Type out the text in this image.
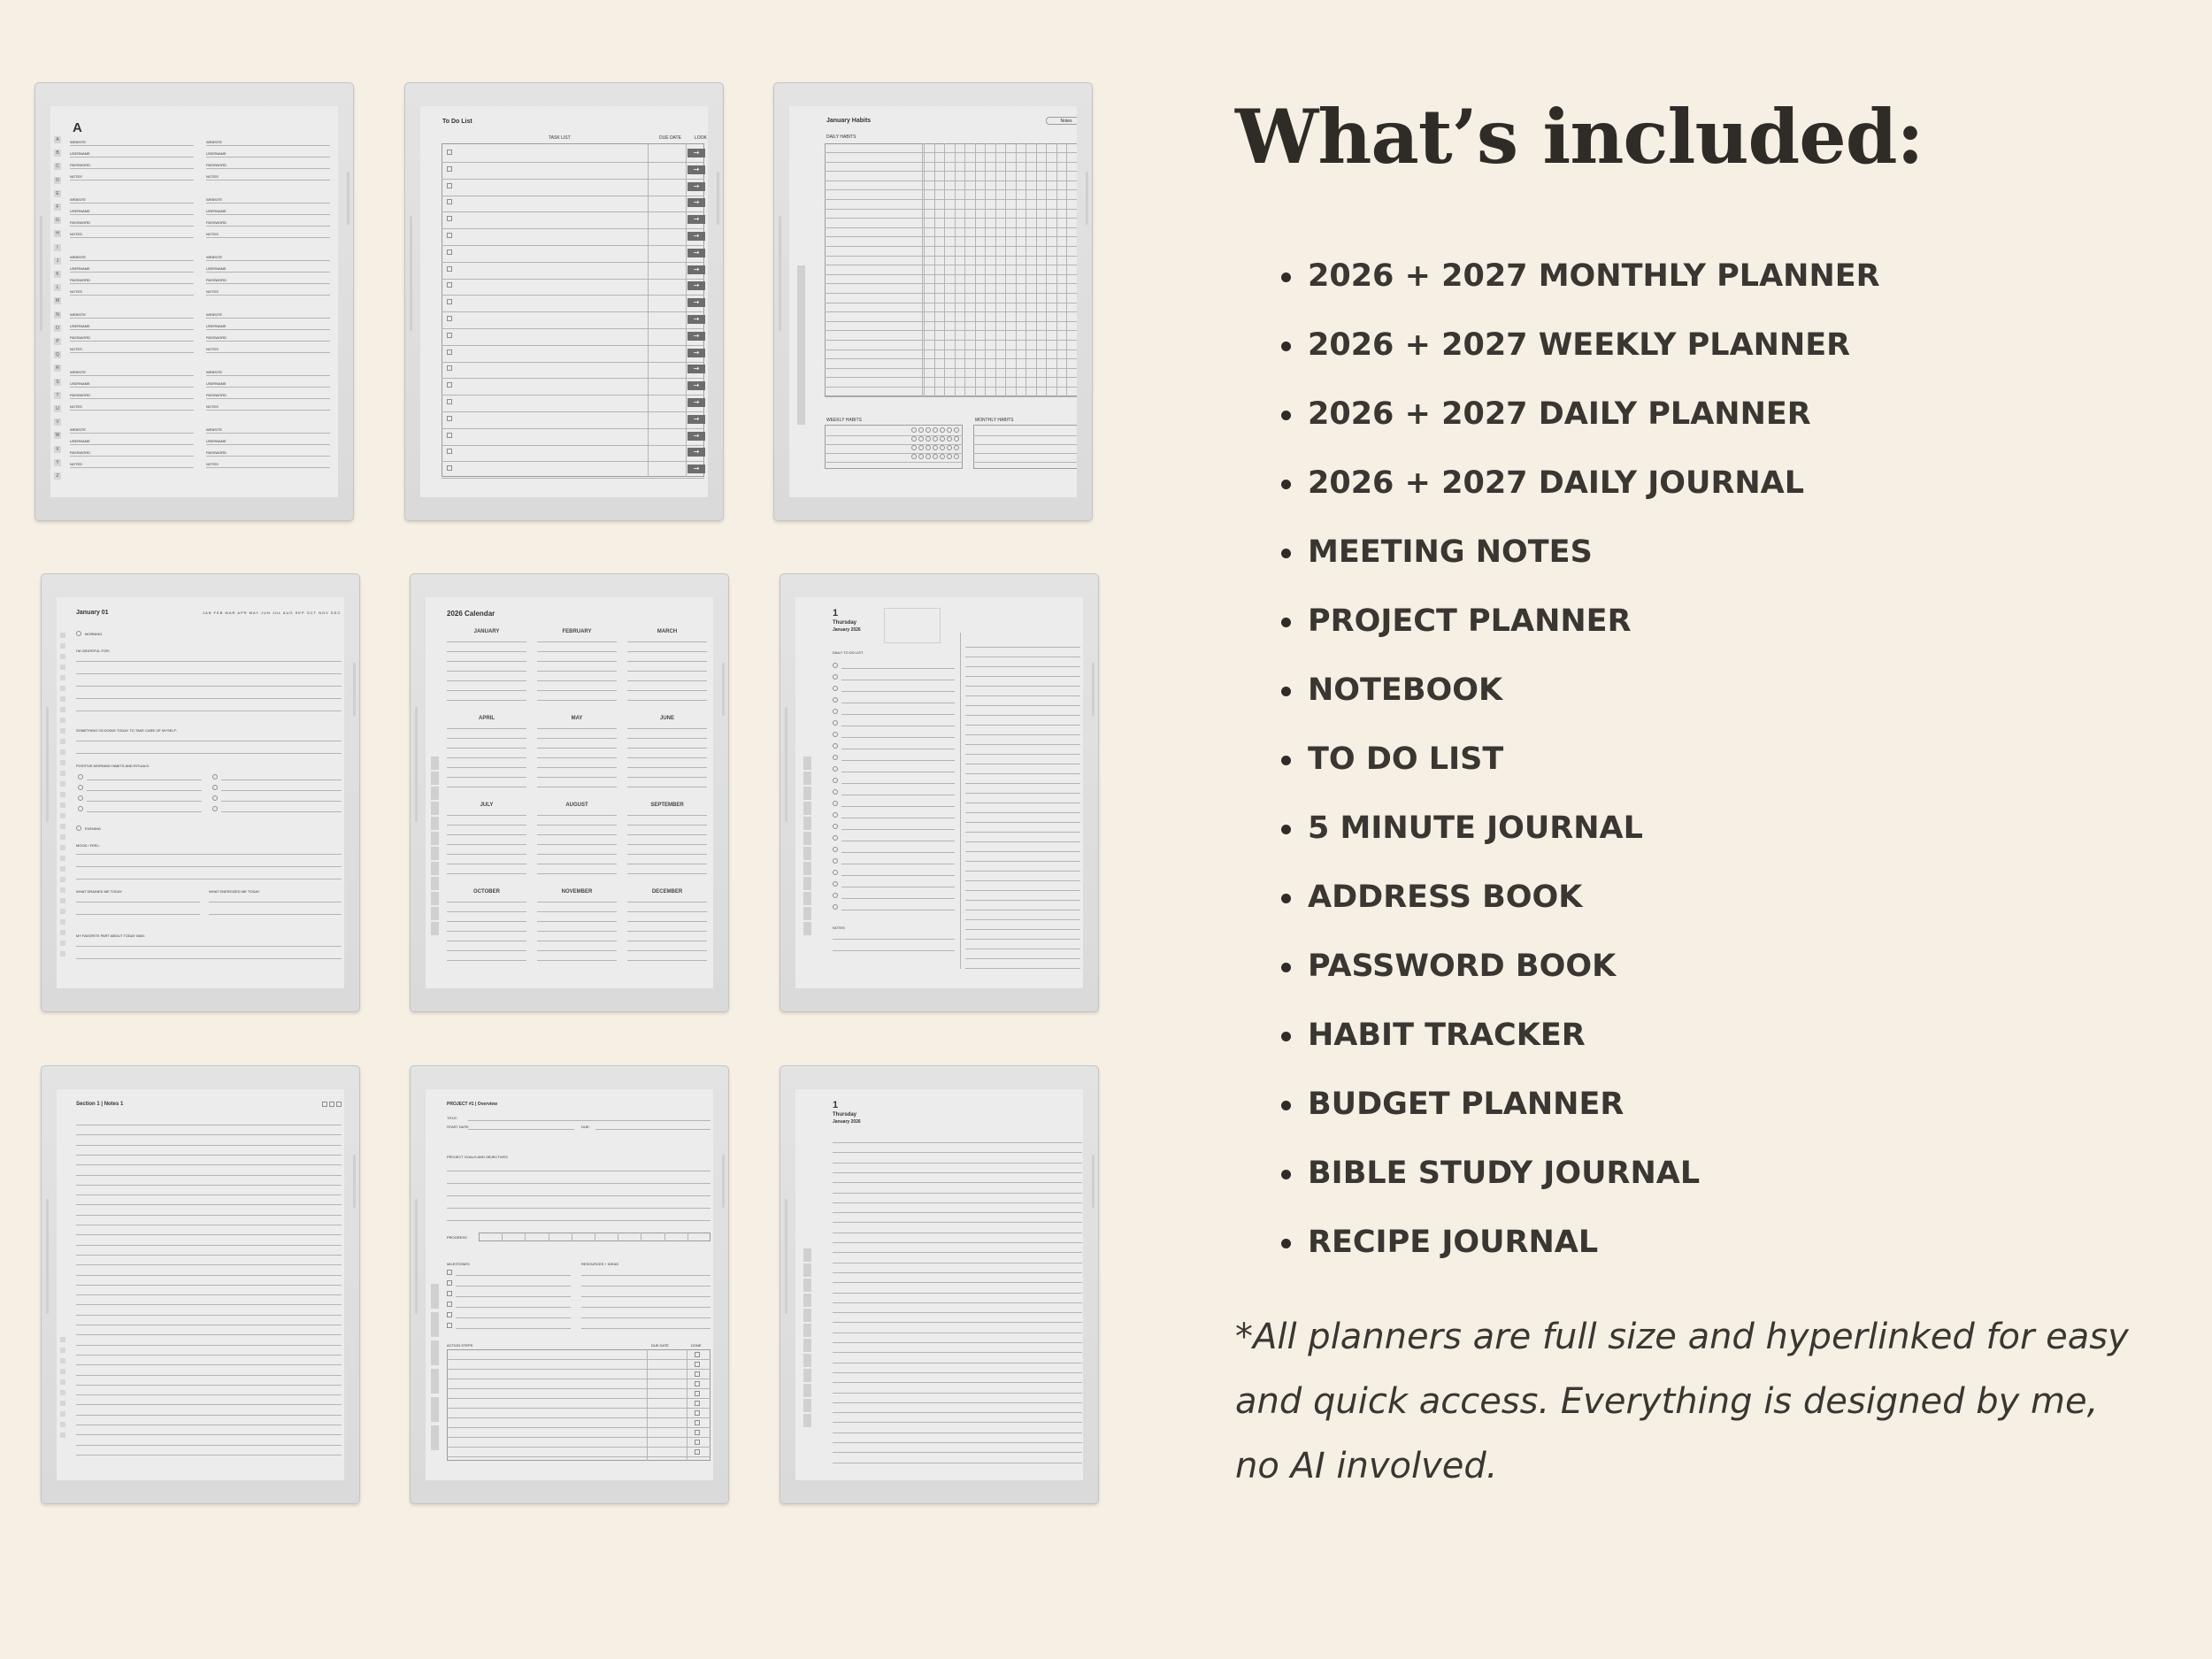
A
A
B
C
D
E
F
G
H
I
J
K
L
M
N
O
P
Q
R
S
T
U
V
W
X
Y
Z
WEBSITE
USERNAME
PASSWORD
NOTES
WEBSITE
USERNAME
PASSWORD
NOTES
WEBSITE
USERNAME
PASSWORD
NOTES
WEBSITE
USERNAME
PASSWORD
NOTES
WEBSITE
USERNAME
PASSWORD
NOTES
WEBSITE
USERNAME
PASSWORD
NOTES
WEBSITE
USERNAME
PASSWORD
NOTES
WEBSITE
USERNAME
PASSWORD
NOTES
WEBSITE
USERNAME
PASSWORD
NOTES
WEBSITE
USERNAME
PASSWORD
NOTES
WEBSITE
USERNAME
PASSWORD
NOTES
WEBSITE
USERNAME
PASSWORD
NOTES
To Do List
TASK LIST	DUE DATE	LOOK
→
→
→
→
→
→
→
→
→
→
→
→
→
→
→
→
→
→
→
→
January Habits	Notes
DAILY HABITS
WEEKLY HABITS	MONTHLY HABITS
January 01	JAN FEB MAR APR MAY JUN JUL AUG SEP OCT NOV DEC
MORNING
I’M GRATEFUL FOR:
SOMETHING I’M DOING TODAY TO TAKE CARE OF MYSELF:
POSITIVE MORNING HABITS AND RITUALS:
EVENING
MOOD / FEEL:
WHAT DRAINED ME TODAY	WHAT ENERGIZED ME TODAY
MY FAVORITE PART ABOUT TODAY WAS:
2026 Calendar
JANUARY	FEBRUARY	MARCH
APRIL	MAY	JUNE
JULY	AUGUST	SEPTEMBER
OCTOBER	NOVEMBER	DECEMBER
1
Thursday
January 2026
DAILY TO DO LIST
NOTES
Section 1 | Notes 1	PROJECT #1 | Overview
TITLE:
START DATE:	DUE:
PROJECT GOALS AND OBJECTIVES
PROGRESS
MILESTONES	RESOURCES + IDEAS
ACTION STEPS	DUE DATE	DONE
1
Thursday
January 2026
What’s included:
2026 + 2027 MONTHLY PLANNER
2026 + 2027 WEEKLY PLANNER
2026 + 2027 DAILY PLANNER
2026 + 2027 DAILY JOURNAL
MEETING NOTES
PROJECT PLANNER
NOTEBOOK
TO DO LIST
5 MINUTE JOURNAL
ADDRESS BOOK
PASSWORD BOOK
HABIT TRACKER
BUDGET PLANNER
BIBLE STUDY JOURNAL
RECIPE JOURNAL

*All planners are full size and hyperlinked for easy and quick access. Everything is designed by me, no AI involved.
